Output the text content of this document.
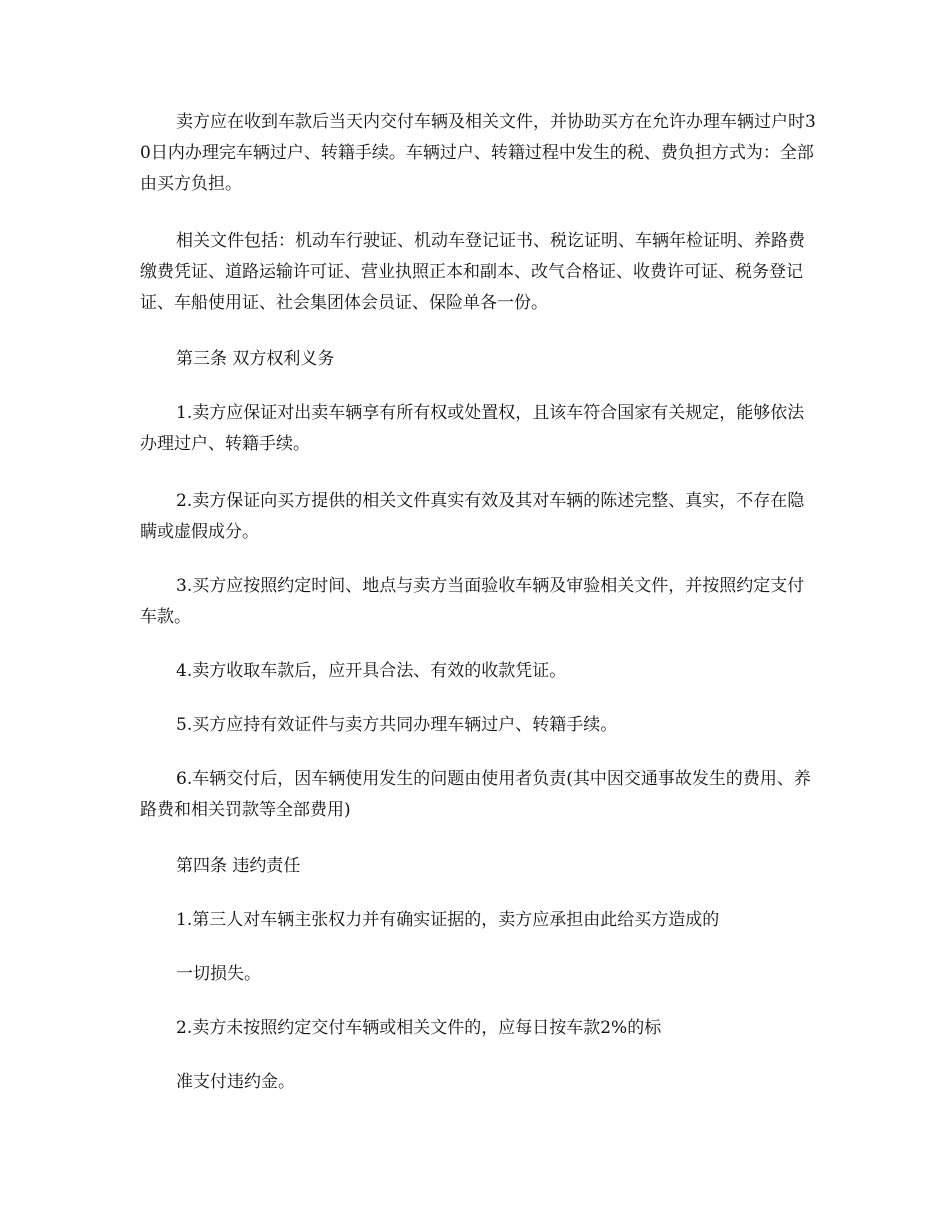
卖方应在收到车款后当天内交付车辆及相关文件，并协助买方在允许办理车辆过户时30日内办理完车辆过户、转籍手续。车辆过户、转籍过程中发生的税、费负担方式为：全部由买方负担。

相关文件包括：机动车行驶证、机动车登记证书、税讫证明、车辆年检证明、养路费缴费凭证、道路运输许可证、营业执照正本和副本、改气合格证、收费许可证、税务登记证、车船使用证、社会集团体会员证、保险单各一份。

第三条 双方权利义务

1.卖方应保证对出卖车辆享有所有权或处置权，且该车符合国家有关规定，能够依法办理过户、转籍手续。

2.卖方保证向买方提供的相关文件真实有效及其对车辆的陈述完整、真实，不存在隐瞒或虚假成分。

3.买方应按照约定时间、地点与卖方当面验收车辆及审验相关文件，并按照约定支付车款。

4.卖方收取车款后，应开具合法、有效的收款凭证。

5.买方应持有效证件与卖方共同办理车辆过户、转籍手续。

6.车辆交付后，因车辆使用发生的问题由使用者负责(其中因交通事故发生的费用、养路费和相关罚款等全部费用)

第四条 违约责任

1.第三人对车辆主张权力并有确实证据的，卖方应承担由此给买方造成的

一切损失。

2.卖方未按照约定交付车辆或相关文件的，应每日按车款2%的标

准支付违约金。
